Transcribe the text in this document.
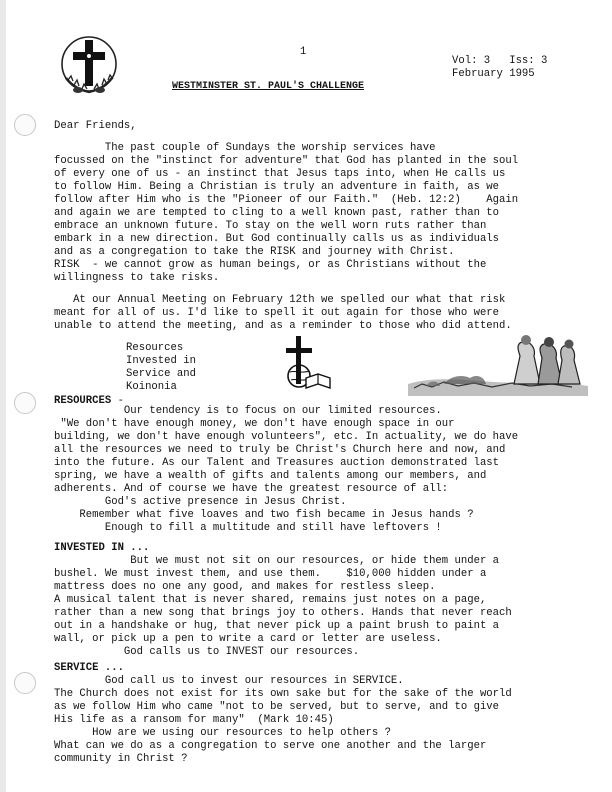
1
Vol: 3   Iss: 3
February 1995
WESTMINSTER ST. PAUL'S CHALLENGE
Dear Friends,
The past couple of Sundays the worship services have
focussed on the "instinct for adventure" that God has planted in the soul
of every one of us - an instinct that Jesus taps into, when He calls us
to follow Him. Being a Christian is truly an adventure in faith, as we
follow after Him who is the "Pioneer of our Faith."  (Heb. 12:2)    Again
and again we are tempted to cling to a well known past, rather than to
embrace an unknown future. To stay on the well worn ruts rather than
embark in a new direction. But God continually calls us as individuals
and as a congregation to take the RISK and journey with Christ.
RISK  - we cannot grow as human beings, or as Christians without the
willingness to take risks.
At our Annual Meeting on February 12th we spelled our what that risk
meant for all of us. I'd like to spell it out again for those who were
unable to attend the meeting, and as a reminder to those who did attend.
Resources
Invested in
Service and
Koinonia
RESOURCES -
Our tendency is to focus on our limited resources.
"We don't have enough money, we don't have enough space in our
building, we don't have enough volunteers", etc. In actuality, we do have
all the resources we need to truly be Christ's Church here and now, and
into the future. As our Talent and Treasures auction demonstrated last
spring, we have a wealth of gifts and talents among our members, and
adherents. And of course we have the greatest resource of all:
God's active presence in Jesus Christ.
Remember what five loaves and two fish became in Jesus hands ?
Enough to fill a multitude and still have leftovers !
INVESTED IN ...
But we must not sit on our resources, or hide them under a
bushel. We must invest them, and use them.    $10,000 hidden under a
mattress does no one any good, and makes for restless sleep.
A musical talent that is never shared, remains just notes on a page,
rather than a new song that brings joy to others. Hands that never reach
out in a handshake or hug, that never pick up a paint brush to paint a
wall, or pick up a pen to write a card or letter are useless.
God calls us to INVEST our resources.
SERVICE ...
God call us to invest our resources in SERVICE.
The Church does not exist for its own sake but for the sake of the world
as we follow Him who came "not to be served, but to serve, and to give
His life as a ransom for many"  (Mark 10:45)
How are we using our resources to help others ?
What can we do as a congregation to serve one another and the larger
community in Christ ?
